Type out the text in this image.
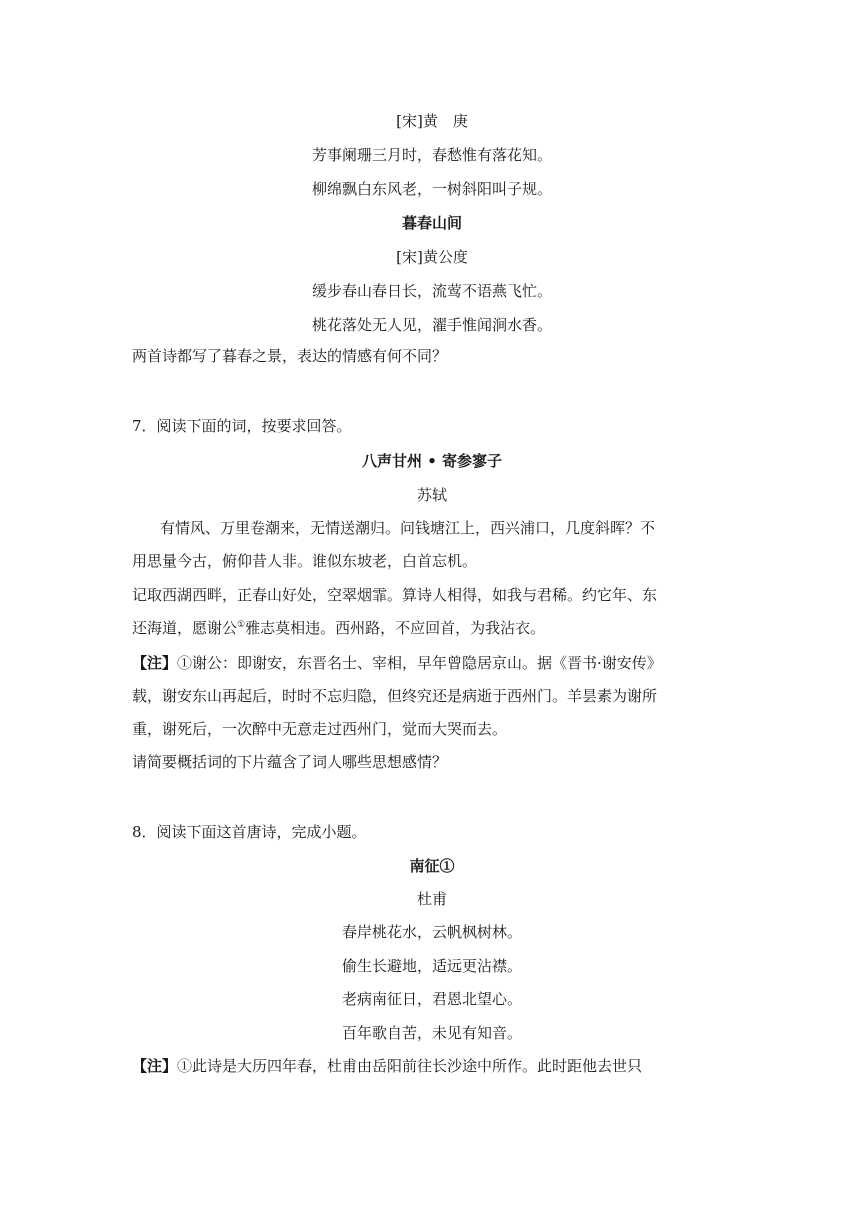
[宋]黄　庚
芳事阑珊三月时，春愁惟有落花知。
柳绵飘白东风老，一树斜阳叫子规。
暮春山间
[宋]黄公度
缓步春山春日长，流莺不语燕飞忙。
桃花落处无人见，濯手惟闻涧水香。
两首诗都写了暮春之景，表达的情感有何不同？
7．阅读下面的词，按要求回答。
八声甘州 • 寄参寥子
苏轼
有情风、万里卷潮来，无情送潮归。问钱塘江上，西兴浦口，几度斜晖？不
用思量今古，俯仰昔人非。谁似东坡老，白首忘机。
记取西湖西畔，正春山好处，空翠烟霏。算诗人相得，如我与君稀。约它年、东
还海道，愿谢公①雅志莫相违。西州路，不应回首，为我沾衣。
【注】①谢公：即谢安，东晋名士、宰相，早年曾隐居京山。据《晋书·谢安传》
载，谢安东山再起后，时时不忘归隐，但终究还是病逝于西州门。羊昙素为谢所
重，谢死后，一次醉中无意走过西州门，觉而大哭而去。
请简要概括词的下片蕴含了词人哪些思想感情？
8．阅读下面这首唐诗，完成小题。
南征①
杜甫
春岸桃花水，云帆枫树林。
偷生长避地，适远更沾襟。
老病南征日，君恩北望心。
百年歌自苦，未见有知音。
【注】①此诗是大历四年春，杜甫由岳阳前往长沙途中所作。此时距他去世只
